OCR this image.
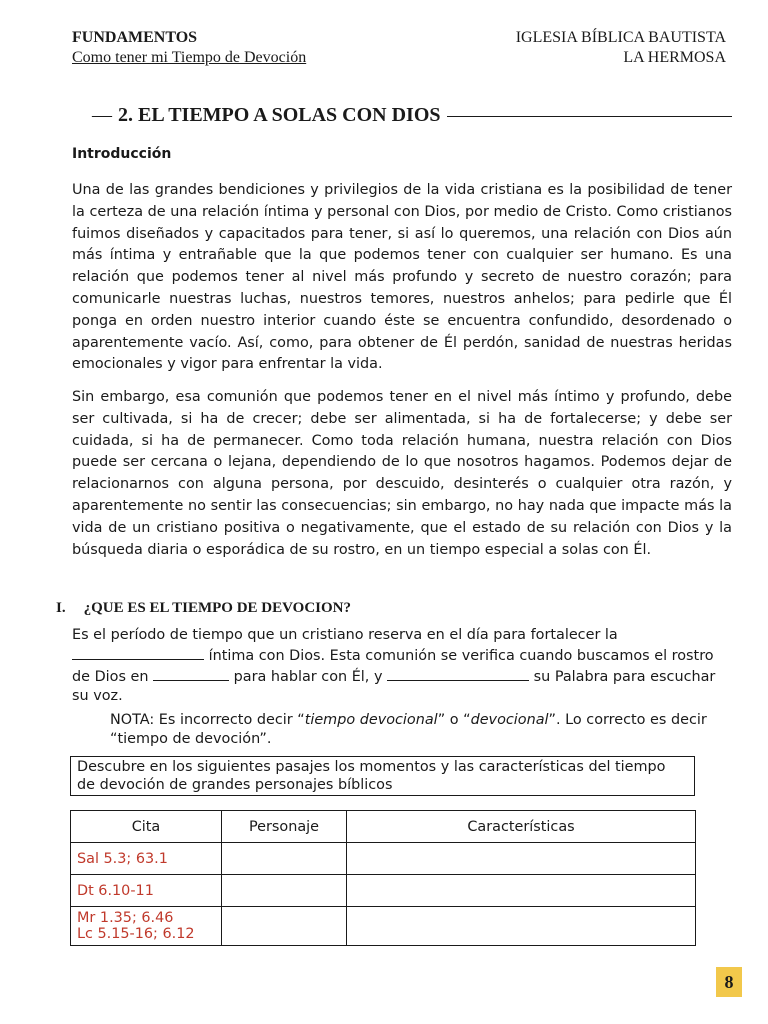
FUNDAMENTOS
Como tener mi Tiempo de Devoción
IGLESIA BÍBLICA BAUTISTA
LA HERMOSA
— 2. EL TIEMPO A SOLAS CON DIOS
Introducción

Una de las grandes bendiciones y privilegios de la vida cristiana es la posibilidad de tener la certeza de una relación íntima y personal con Dios, por medio de Cristo. Como cristianos fuimos diseñados y capacitados para tener, si así lo queremos, una relación con Dios aún más íntima y entrañable que la que podemos tener con cualquier ser humano. Es una relación que podemos tener al nivel más profundo y secreto de nuestro corazón; para comunicarle nuestras luchas, nuestros temores, nuestros anhelos; para pedirle que Él ponga en orden nuestro interior cuando éste se encuentra confundido, desordenado o aparentemente vacío. Así, como, para obtener de Él perdón, sanidad de nuestras heridas emocionales y vigor para enfrentar la vida.

Sin embargo, esa comunión que podemos tener en el nivel más íntimo y profundo, debe ser cultivada, si ha de crecer; debe ser alimentada, si ha de fortalecerse; y debe ser cuidada, si ha de permanecer. Como toda relación humana, nuestra relación con Dios puede ser cercana o lejana, dependiendo de lo que nosotros hagamos. Podemos dejar de relacionarnos con alguna persona, por descuido, desinterés o cualquier otra razón, y aparentemente no sentir las consecuencias; sin embargo, no hay nada que impacte más la vida de un cristiano positiva o negativamente, que el estado de su relación con Dios y la búsqueda diaria o esporádica de su rostro, en un tiempo especial a solas con Él.

I. ¿QUE ES EL TIEMPO DE DEVOCION?
Es el período de tiempo que un cristiano reserva en el día para fortalecer la
íntima con Dios. Esta comunión se verifica cuando buscamos el rostro de Dios en	para hablar con Él, y	su Palabra para escuchar su voz.
NOTA: Es incorrecto decir “tiempo devocional” o “devocional”. Lo correcto es decir “tiempo de devoción”.
Descubre en los siguientes pasajes los momentos y las características del tiempo de devoción de grandes personajes bíblicos
Cita	Personaje	Características
Sal 5.3; 63.1		
Dt 6.10-11		
Mr 1.35; 6.46
Lc 5.15-16; 6.12		
8
